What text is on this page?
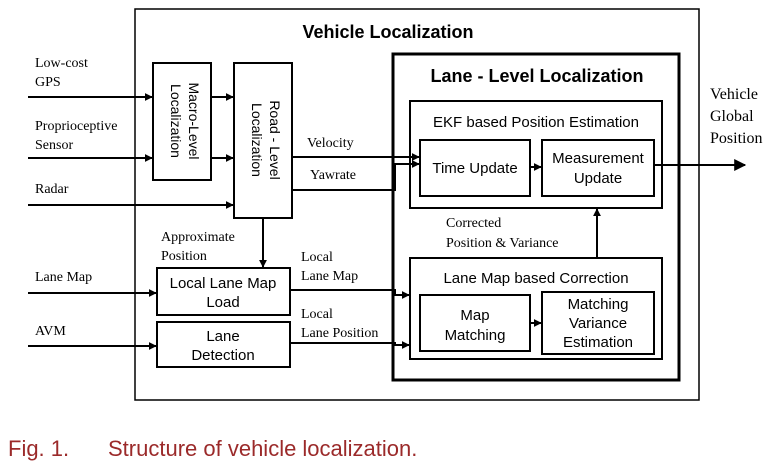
Vehicle Localization
Lane - Level Localization
EKF based Position Estimation
Time Update
Measurement
Update
Lane Map based Correction
Map
Matching
Matching
Variance
Estimation
Corrected
Position & Variance
Macro-Level
Localization	Road - Level
Localization
Local Lane Map
Load
Lane
Detection
Low-cost
GPS
Proprioceptive
Sensor
Radar
Lane Map
AVM
Velocity
Yawrate
Approximate
Position	Local
Lane Map
Local
Lane Position
Vehicle
Global
Position
Fig. 1. Structure of vehicle localization.
